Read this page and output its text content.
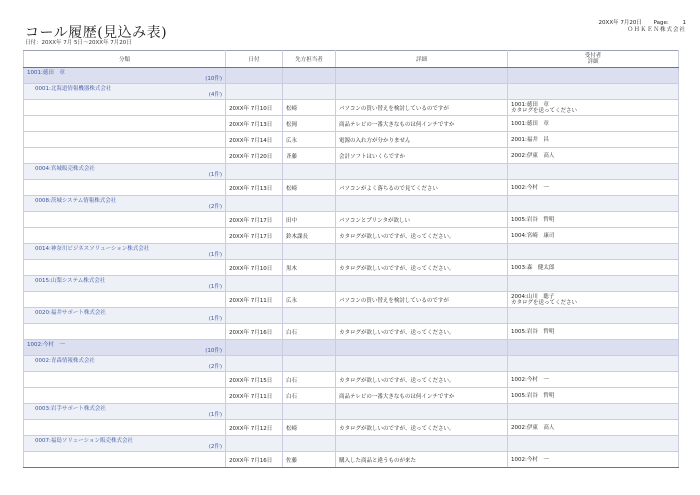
コール履歴(見込み表)
日付：20XX年 7月 5日〜20XX年 7月20日
20XX年 7月20日 Page:	1
ＯＨＫＥＮ株式会社
分類	日付	先方担当者	詳細	受付者
詳細

1001:徳田　章
(10件)				

0001:北海道情報機器株式会社
(4件)				

	20XX年 7月10日	松崎	パソコンの買い替えを検討しているのですが	1001:徳田　章
カタログを送ってください

	20XX年 7月13日	松岡	商品テレビの一番大きなものは何インチですか	1001:徳田　章

	20XX年 7月14日	広永	電源の入れ方が分かりません	2001:福井　昌

	20XX年 7月20日	斉藤	会計ソフトはいくらですか	2002:伊東　高人

0004:宮城販売株式会社
(1件)				

	20XX年 7月13日	松崎	パソコンがよく落ちるので見てください	1002:今村　一

0008:茨城システム情報株式会社
(2件)				

	20XX年 7月17日	田中	パソコンとプリンタが欲しい	1005:岩谷　哲明

	20XX年 7月17日	鈴木課長	カタログが欲しいのですが、送ってください。	1004:宮崎　康司

0014:神奈川ビジネスソリューション株式会社
(1件)				

	20XX年 7月10日	黒木	カタログが欲しいのですが、送ってください。	1003:森　健太郎

0015:山梨システム株式会社
(1件)				

	20XX年 7月11日	広永	パソコンの買い替えを検討しているのですが	2004:山川　聡子
カタログを送ってください

0020:福井サポート株式会社
(1件)				

	20XX年 7月16日	白石	カタログが欲しいのですが、送ってください。	1005:岩谷　哲明

1002:今村　一
(10件)				

0002:青森情報株式会社
(2件)				

	20XX年 7月15日	白石	カタログが欲しいのですが、送ってください。	1002:今村　一

	20XX年 7月11日	白石	商品テレビの一番大きなものは何インチですか	1005:岩谷　哲明

0003:岩手サポート株式会社
(1件)				

	20XX年 7月12日	松崎	カタログが欲しいのですが、送ってください。	2002:伊東　高人

0007:福島ソリューション販売株式会社
(2件)				

	20XX年 7月16日	佐藤	購入した商品と違うものが来た	1002:今村　一
